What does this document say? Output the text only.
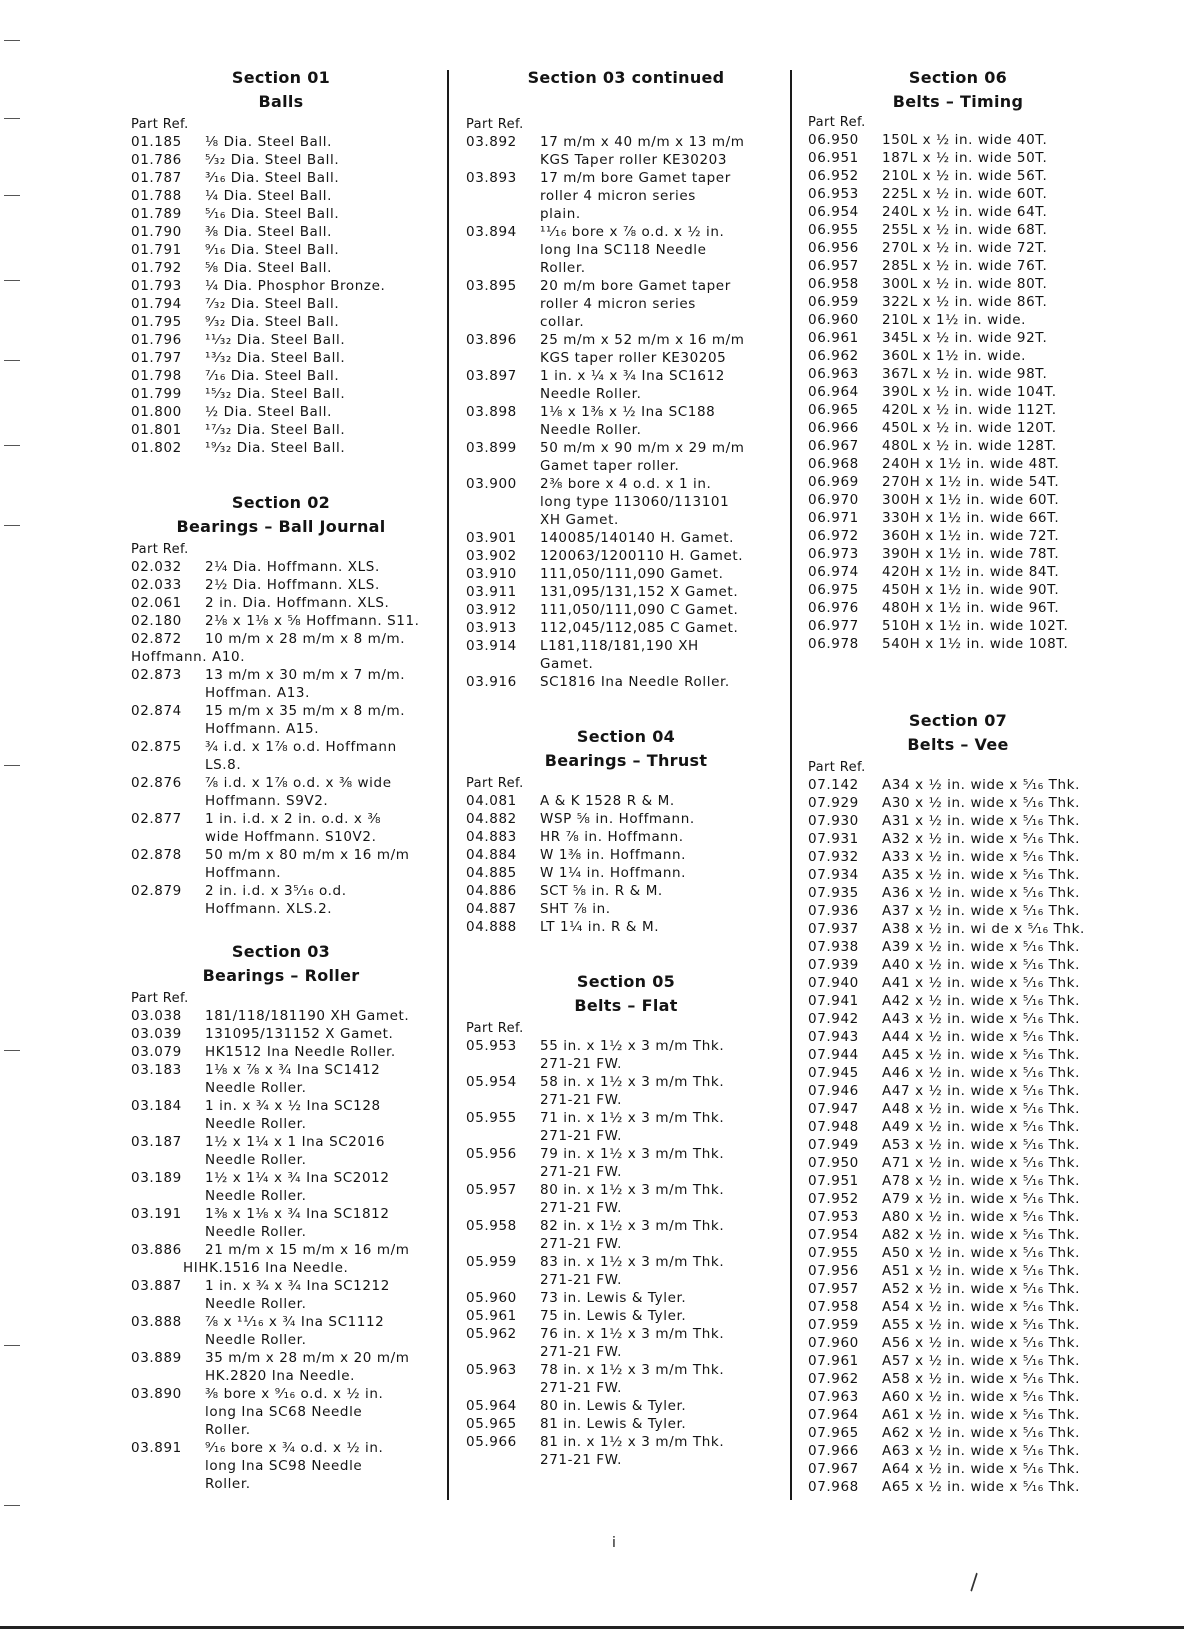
Section 01
Balls
Part Ref.
01.185	⅛ Dia. Steel Ball.
01.786	⁵⁄₃₂ Dia. Steel Ball.
01.787	³⁄₁₆ Dia. Steel Ball.
01.788	¼ Dia. Steel Ball.
01.789	⁵⁄₁₆ Dia. Steel Ball.
01.790	⅜ Dia. Steel Ball.
01.791	⁹⁄₁₆ Dia. Steel Ball.
01.792	⅝ Dia. Steel Ball.
01.793	¼ Dia. Phosphor Bronze.
01.794	⁷⁄₃₂ Dia. Steel Ball.
01.795	⁹⁄₃₂ Dia. Steel Ball.
01.796	¹¹⁄₃₂ Dia. Steel Ball.
01.797	¹³⁄₃₂ Dia. Steel Ball.
01.798	⁷⁄₁₆ Dia. Steel Ball.
01.799	¹⁵⁄₃₂ Dia. Steel Ball.
01.800	½ Dia. Steel Ball.
01.801	¹⁷⁄₃₂ Dia. Steel Ball.
01.802	¹⁹⁄₃₂ Dia. Steel Ball.
Section 02
Bearings – Ball Journal
Part Ref.
02.032	2¼ Dia. Hoffmann. XLS.
02.033	2½ Dia. Hoffmann. XLS.
02.061	2 in. Dia. Hoffmann. XLS.
02.180	2⅛ x 1⅛ x ⅝ Hoffmann. S11.
02.872	10 m/m x 28 m/m x 8 m/m.
Hoffmann. A10.
02.873	13 m/m x 30 m/m x 7 m/m.
Hoffman. A13.
02.874	15 m/m x 35 m/m x 8 m/m.
Hoffmann. A15.
02.875	¾ i.d. x 1⅞ o.d. Hoffmann
LS.8.
02.876	⅞ i.d. x 1⅞ o.d. x ⅜ wide
Hoffmann. S9V2.
02.877	1 in. i.d. x 2 in. o.d. x ⅜
wide Hoffmann. S10V2.
02.878	50 m/m x 80 m/m x 16 m/m
Hoffmann.
02.879	2 in. i.d. x 3⁵⁄₁₆ o.d.
Hoffmann. XLS.2.
Section 03
Bearings – Roller
Part Ref.
03.038	181/118/181190 XH Gamet.
03.039	131095/131152 X Gamet.
03.079	HK1512 Ina Needle Roller.
03.183	1⅛ x ⅞ x ¾ Ina SC1412
Needle Roller.
03.184	1 in. x ¾ x ½ Ina SC128
Needle Roller.
03.187	1½ x 1¼ x 1 Ina SC2016
Needle Roller.
03.189	1½ x 1¼ x ¾ Ina SC2012
Needle Roller.
03.191	1⅜ x 1⅛ x ¾ Ina SC1812
Needle Roller.
03.886	21 m/m x 15 m/m x 16 m/m
HIHK.1516 Ina Needle.
03.887	1 in. x ¾ x ¾ Ina SC1212
Needle Roller.
03.888	⅞ x ¹¹⁄₁₆ x ¾ Ina SC1112
Needle Roller.
03.889	35 m/m x 28 m/m x 20 m/m
HK.2820 Ina Needle.
03.890	⅜ bore x ⁹⁄₁₆ o.d. x ½ in.
long Ina SC68 Needle
Roller.
03.891	⁹⁄₁₆ bore x ¾ o.d. x ½ in.
long Ina SC98 Needle
Roller.
Section 03 continued
Part Ref.
03.892	17 m/m x 40 m/m x 13 m/m
KGS Taper roller KE30203
03.893	17 m/m bore Gamet taper
roller 4 micron series
plain.
03.894	¹¹⁄₁₆ bore x ⅞ o.d. x ½ in.
long Ina SC118 Needle
Roller.
03.895	20 m/m bore Gamet taper
roller 4 micron series
collar.
03.896	25 m/m x 52 m/m x 16 m/m
KGS taper roller KE30205
03.897	1 in. x ¼ x ¾ Ina SC1612
Needle Roller.
03.898	1⅛ x 1⅜ x ½ Ina SC188
Needle Roller.
03.899	50 m/m x 90 m/m x 29 m/m
Gamet taper roller.
03.900	2⅜ bore x 4 o.d. x 1 in.
long type 113060/113101
XH Gamet.
03.901	140085/140140 H. Gamet.
03.902	120063/1200110 H. Gamet.
03.910	111,050/111,090 Gamet.
03.911	131,095/131,152 X Gamet.
03.912	111,050/111,090 C Gamet.
03.913	112,045/112,085 C Gamet.
03.914	L181,118/181,190 XH
Gamet.
03.916	SC1816 Ina Needle Roller.
Section 04
Bearings – Thrust
Part Ref.
04.081	A & K 1528 R & M.
04.882	WSP ⅝ in. Hoffmann.
04.883	HR ⅞ in. Hoffmann.
04.884	W 1⅜ in. Hoffmann.
04.885	W 1¼ in. Hoffmann.
04.886	SCT ⅝ in. R & M.
04.887	SHT ⅞ in.
04.888	LT 1¼ in. R & M.
Section 05
Belts – Flat
Part Ref.
05.953	55 in. x 1½ x 3 m/m Thk.
271-21 FW.
05.954	58 in. x 1½ x 3 m/m Thk.
271-21 FW.
05.955	71 in. x 1½ x 3 m/m Thk.
271-21 FW.
05.956	79 in. x 1½ x 3 m/m Thk.
271-21 FW.
05.957	80 in. x 1½ x 3 m/m Thk.
271-21 FW.
05.958	82 in. x 1½ x 3 m/m Thk.
271-21 FW.
05.959	83 in. x 1½ x 3 m/m Thk.
271-21 FW.
05.960	73 in. Lewis & Tyler.
05.961	75 in. Lewis & Tyler.
05.962	76 in. x 1½ x 3 m/m Thk.
271-21 FW.
05.963	78 in. x 1½ x 3 m/m Thk.
271-21 FW.
05.964	80 in. Lewis & Tyler.
05.965	81 in. Lewis & Tyler.
05.966	81 in. x 1½ x 3 m/m Thk.
271-21 FW.
Section 06
Belts – Timing
Part Ref.
06.950	150L x ½ in. wide 40T.
06.951	187L x ½ in. wide 50T.
06.952	210L x ½ in. wide 56T.
06.953	225L x ½ in. wide 60T.
06.954	240L x ½ in. wide 64T.
06.955	255L x ½ in. wide 68T.
06.956	270L x ½ in. wide 72T.
06.957	285L x ½ in. wide 76T.
06.958	300L x ½ in. wide 80T.
06.959	322L x ½ in. wide 86T.
06.960	210L x 1½ in. wide.
06.961	345L x ½ in. wide 92T.
06.962	360L x 1½ in. wide.
06.963	367L x ½ in. wide 98T.
06.964	390L x ½ in. wide 104T.
06.965	420L x ½ in. wide 112T.
06.966	450L x ½ in. wide 120T.
06.967	480L x ½ in. wide 128T.
06.968	240H x 1½ in. wide 48T.
06.969	270H x 1½ in. wide 54T.
06.970	300H x 1½ in. wide 60T.
06.971	330H x 1½ in. wide 66T.
06.972	360H x 1½ in. wide 72T.
06.973	390H x 1½ in. wide 78T.
06.974	420H x 1½ in. wide 84T.
06.975	450H x 1½ in. wide 90T.
06.976	480H x 1½ in. wide 96T.
06.977	510H x 1½ in. wide 102T.
06.978	540H x 1½ in. wide 108T.
Section 07
Belts – Vee
Part Ref.
07.142	A34 x ½ in. wide x ⁵⁄₁₆ Thk.
07.929	A30 x ½ in. wide x ⁵⁄₁₆ Thk.
07.930	A31 x ½ in. wide x ⁵⁄₁₆ Thk.
07.931	A32 x ½ in. wide x ⁵⁄₁₆ Thk.
07.932	A33 x ½ in. wide x ⁵⁄₁₆ Thk.
07.934	A35 x ½ in. wide x ⁵⁄₁₆ Thk.
07.935	A36 x ½ in. wide x ⁵⁄₁₆ Thk.
07.936	A37 x ½ in. wide x ⁵⁄₁₆ Thk.
07.937	A38 x ½ in. wi de x ⁵⁄₁₆ Thk.
07.938	A39 x ½ in. wide x ⁵⁄₁₆ Thk.
07.939	A40 x ½ in. wide x ⁵⁄₁₆ Thk.
07.940	A41 x ½ in. wide x ⁵⁄₁₆ Thk.
07.941	A42 x ½ in. wide x ⁵⁄₁₆ Thk.
07.942	A43 x ½ in. wide x ⁵⁄₁₆ Thk.
07.943	A44 x ½ in. wide x ⁵⁄₁₆ Thk.
07.944	A45 x ½ in. wide x ⁵⁄₁₆ Thk.
07.945	A46 x ½ in. wide x ⁵⁄₁₆ Thk.
07.946	A47 x ½ in. wide x ⁵⁄₁₆ Thk.
07.947	A48 x ½ in. wide x ⁵⁄₁₆ Thk.
07.948	A49 x ½ in. wide x ⁵⁄₁₆ Thk.
07.949	A53 x ½ in. wide x ⁵⁄₁₆ Thk.
07.950	A71 x ½ in. wide x ⁵⁄₁₆ Thk.
07.951	A78 x ½ in. wide x ⁵⁄₁₆ Thk.
07.952	A79 x ½ in. wide x ⁵⁄₁₆ Thk.
07.953	A80 x ½ in. wide x ⁵⁄₁₆ Thk.
07.954	A82 x ½ in. wide x ⁵⁄₁₆ Thk.
07.955	A50 x ½ in. wide x ⁵⁄₁₆ Thk.
07.956	A51 x ½ in. wide x ⁵⁄₁₆ Thk.
07.957	A52 x ½ in. wide x ⁵⁄₁₆ Thk.
07.958	A54 x ½ in. wide x ⁵⁄₁₆ Thk.
07.959	A55 x ½ in. wide x ⁵⁄₁₆ Thk.
07.960	A56 x ½ in. wide x ⁵⁄₁₆ Thk.
07.961	A57 x ½ in. wide x ⁵⁄₁₆ Thk.
07.962	A58 x ½ in. wide x ⁵⁄₁₆ Thk.
07.963	A60 x ½ in. wide x ⁵⁄₁₆ Thk.
07.964	A61 x ½ in. wide x ⁵⁄₁₆ Thk.
07.965	A62 x ½ in. wide x ⁵⁄₁₆ Thk.
07.966	A63 x ½ in. wide x ⁵⁄₁₆ Thk.
07.967	A64 x ½ in. wide x ⁵⁄₁₆ Thk.
07.968	A65 x ½ in. wide x ⁵⁄₁₆ Thk.
i
\
